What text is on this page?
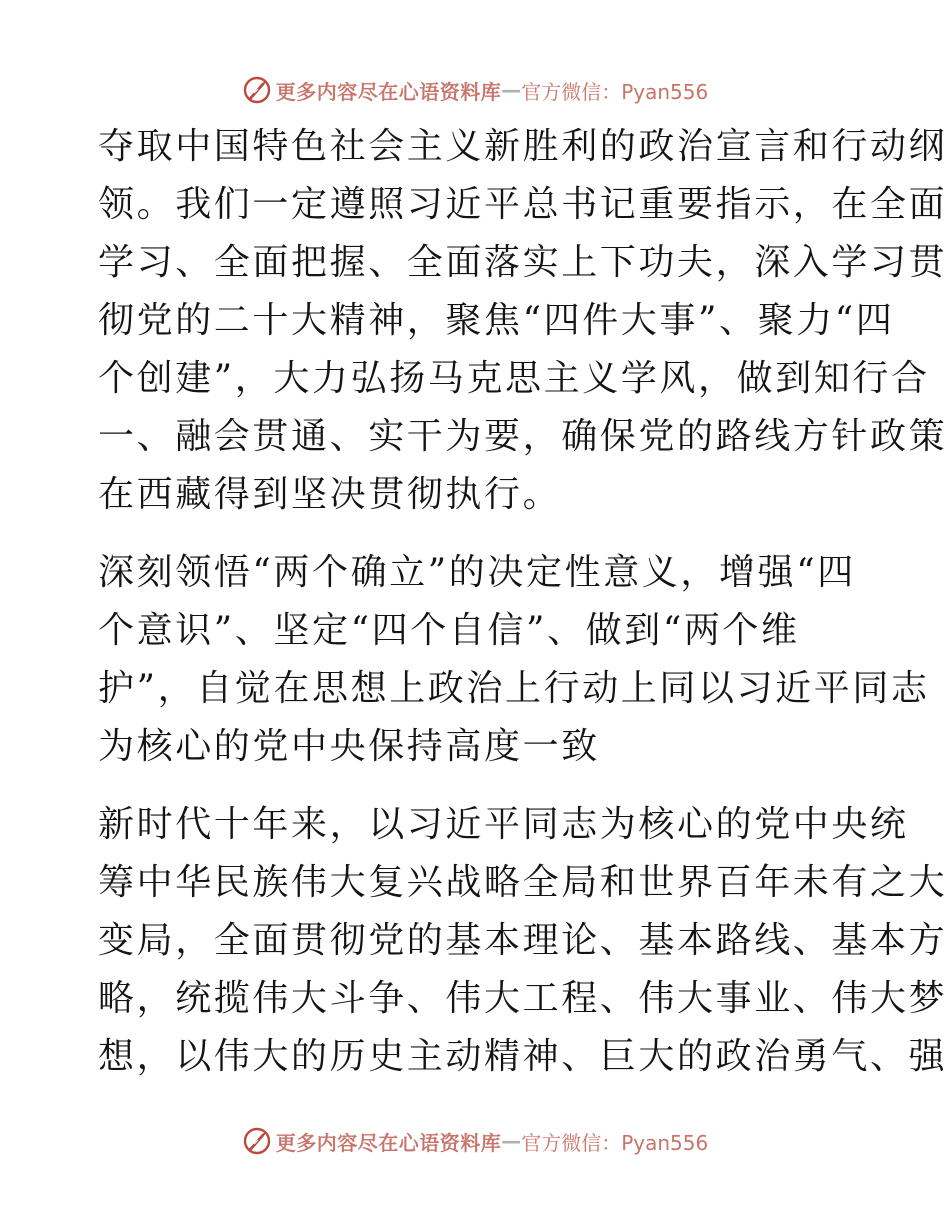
更多内容尽在心语资料库 — 官方微信：Pyan556
夺取中国特色社会主义新胜利的政治宣言和行动纲
领。我们一定遵照习近平总书记重要指示，在全面
学习、全面把握、全面落实上下功夫，深入学习贯
彻党的二十大精神，聚焦“四件大事”、聚力“四
个创建”，大力弘扬马克思主义学风，做到知行合
一、融会贯通、实干为要，确保党的路线方针政策
在西藏得到坚决贯彻执行。
深刻领悟“两个确立”的决定性意义，增强“四
个意识”、坚定“四个自信”、做到“两个维
护”，自觉在思想上政治上行动上同以习近平同志
为核心的党中央保持高度一致
新时代十年来，以习近平同志为核心的党中央统
筹中华民族伟大复兴战略全局和世界百年未有之大
变局，全面贯彻党的基本理论、基本路线、基本方
略，统揽伟大斗争、伟大工程、伟大事业、伟大梦
想，以伟大的历史主动精神、巨大的政治勇气、强
更多内容尽在心语资料库 — 官方微信：Pyan556
